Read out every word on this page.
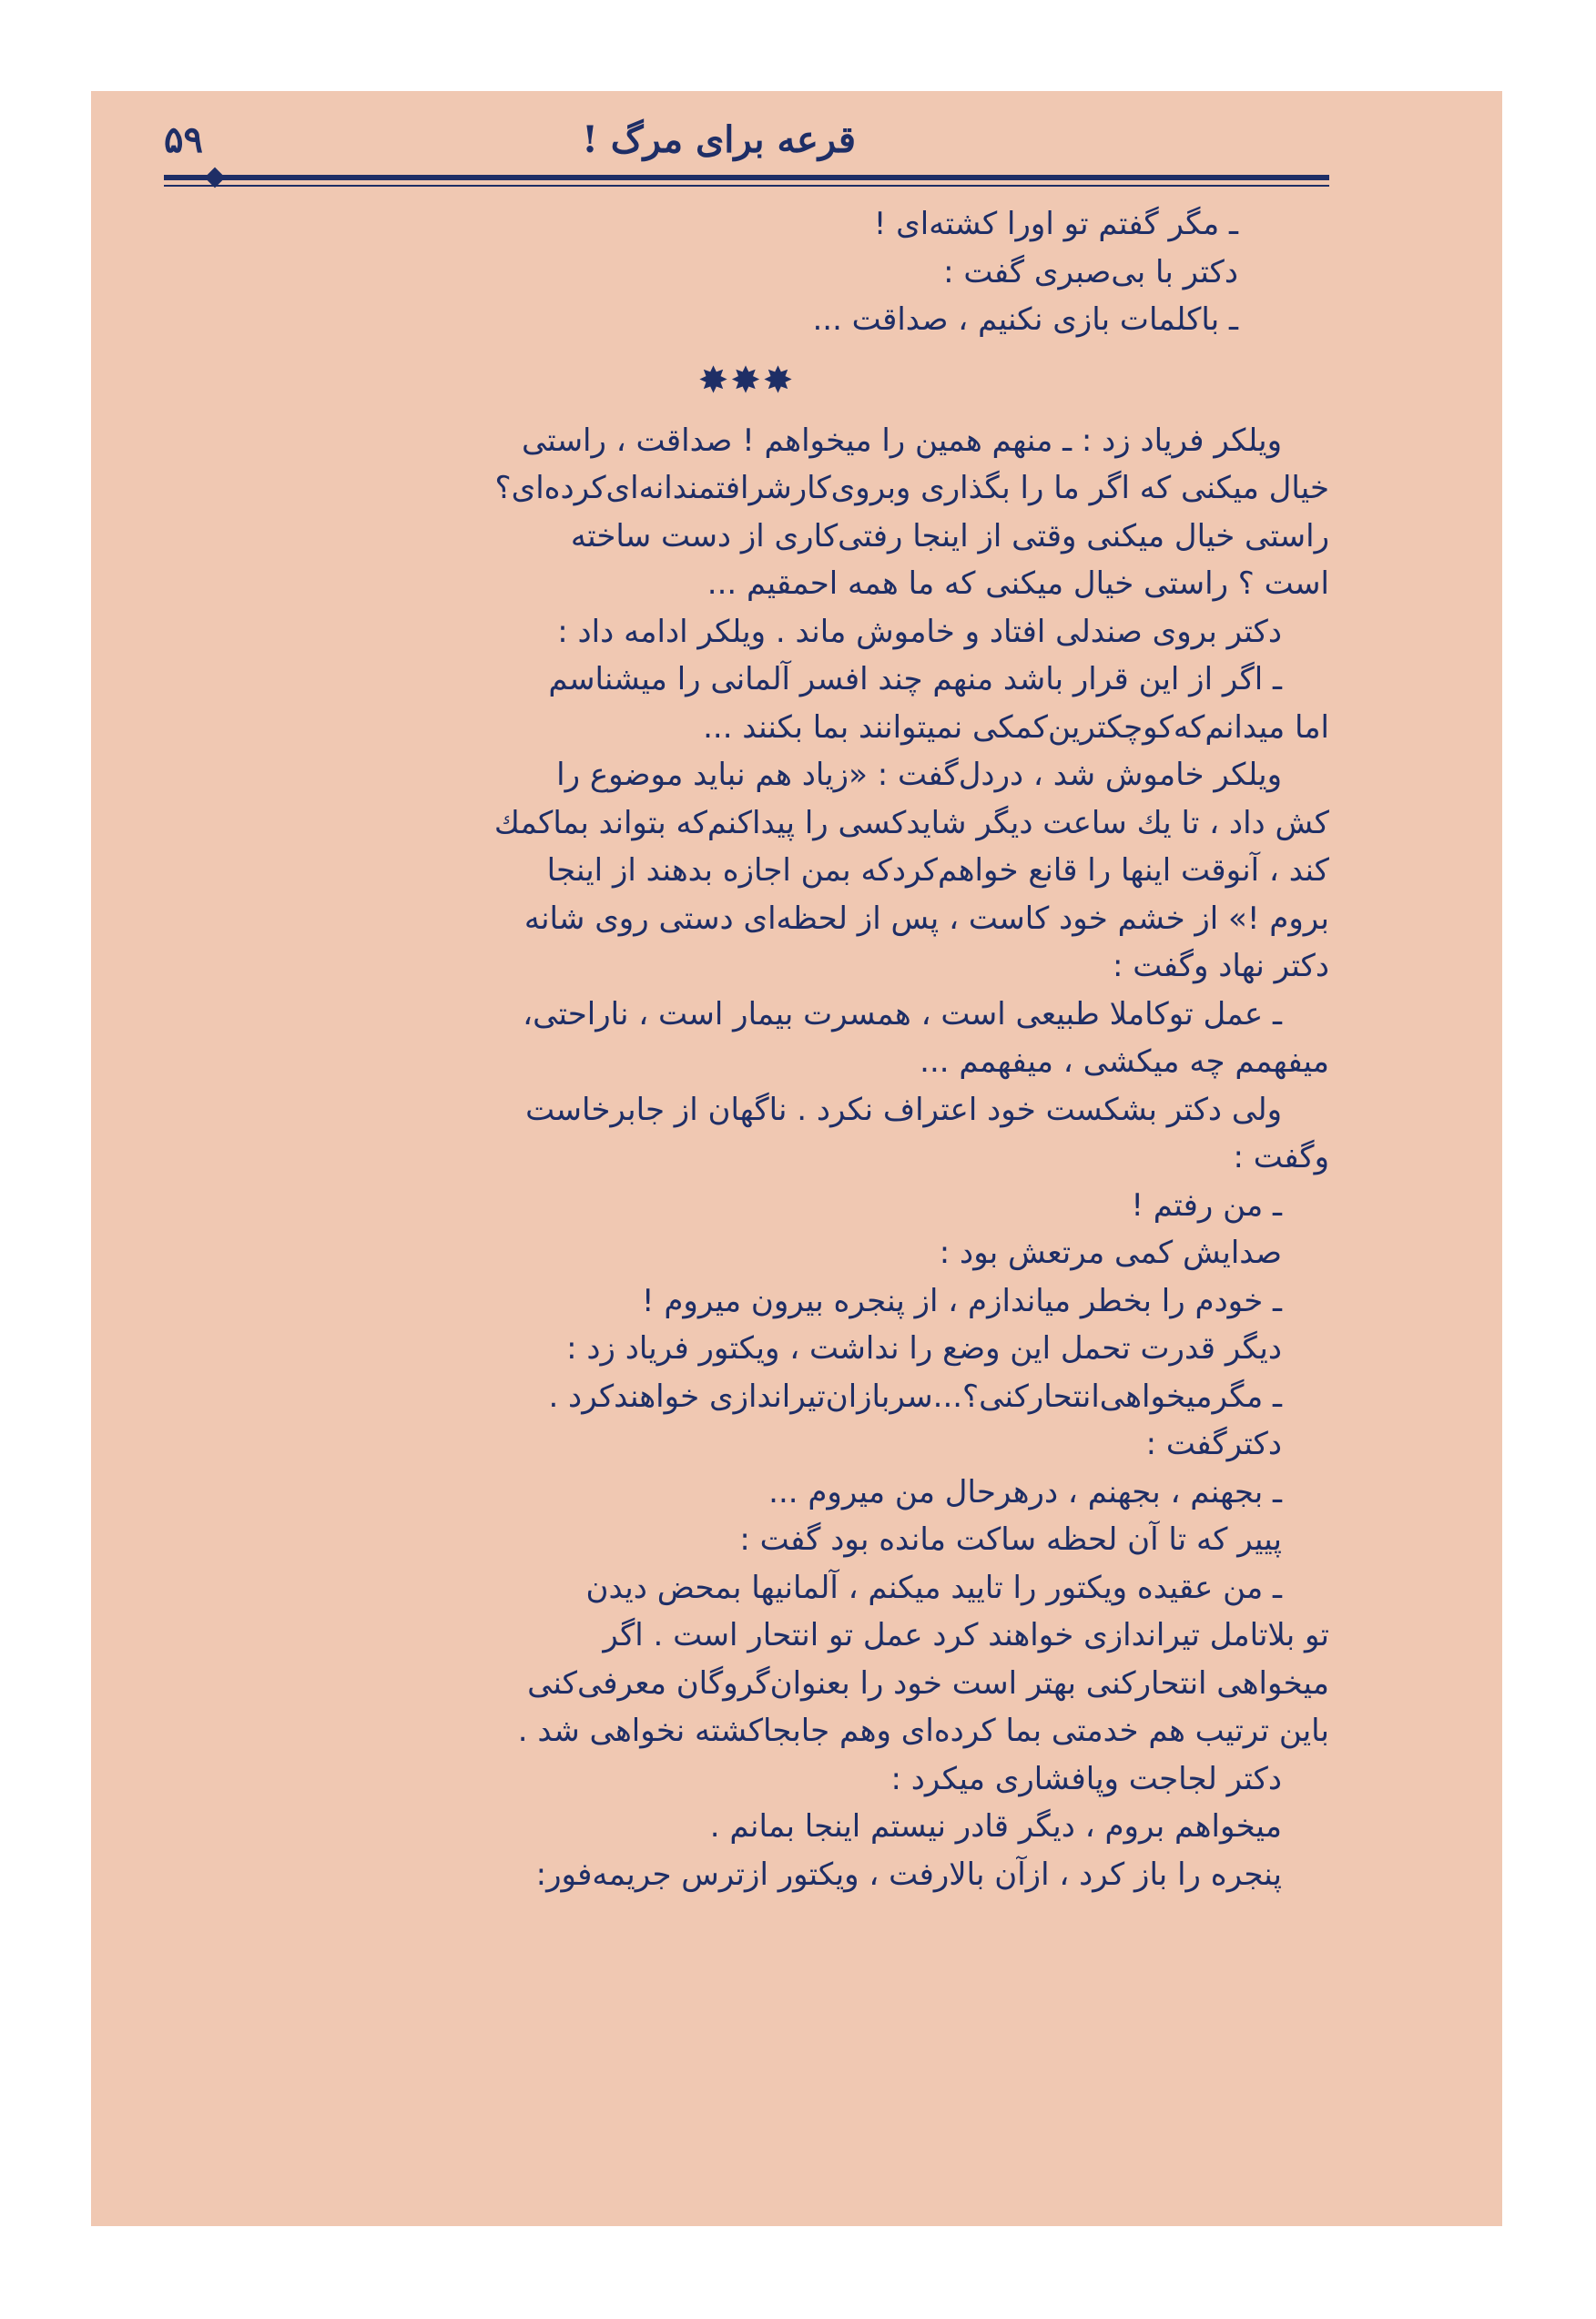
قرعه برای مرگ !
۵۹
ـ مگر گفتم تو اورا کشته‌ای !
دکتر با بی‌صبری گفت :
ـ باکلمات بازی نکنیم ، صداقت ...
✸✸✸
ویلکر فریاد زد : ـ منهم همین را میخواهم ! صداقت ، راستی
خیال میکنی که اگر ما را بگذاری وبروی‌کارشرافتمندانه‌ای‌کرده‌ای؟
راستی خیال میکنی وقتی از اینجا رفتی‌کاری از دست ساخته
است ؟ راستی خیال میکنی که ما همه احمقیم ...
دکتر بروی صندلی افتاد و خاموش ماند . ویلکر ادامه داد :
ـ اگر از این قرار باشد منهم چند افسر آلمانی را میشناسم
اما میدانم‌که‌کوچکترین‌کمکی نمیتوانند بما بکنند ...
ویلکر خاموش شد ، دردل‌گفت : «زیاد هم نباید موضوع را
کش داد ، تا یك ساعت دیگر شایدکسی را پیداکنم‌که بتواند بماکمك
کند ، آنوقت اینها را قانع خواهم‌کردکه بمن اجازه بدهند از اینجا
بروم !» از خشم خود کاست ، پس از لحظه‌ای دستی روی شانه
دکتر نهاد وگفت :
ـ عمل توکاملا طبیعی است ، همسرت بیمار است ، ناراحتی،
میفهمم چه میکشی ، میفهمم ...
ولی دکتر بشکست خود اعتراف نکرد . ناگهان از جابرخاست
وگفت :
ـ من رفتم !
صدایش کمی مرتعش بود :
ـ خودم را بخطر میاندازم ، از پنجره بیرون میروم !
دیگر قدرت تحمل این وضع را نداشت ، ویکتور فریاد زد :
ـ مگرمیخواهی‌انتحارکنی؟...سربازان‌تیراندازی خواهندکرد .
دکترگفت :
ـ بجهنم ، بجهنم ، درهرحال من میروم ...
پییر که تا آن لحظه ساکت مانده بود گفت :
ـ من عقیده ویکتور را تایید میکنم ، آلمانیها بمحض دیدن
تو بلاتامل تیراندازی خواهند کرد عمل تو انتحار است . اگر
میخواهی انتحارکنی بهتر است خود را بعنوان‌گروگان معرفی‌کنی
باین ترتیب هم خدمتی بما کرده‌ای وهم جابجاکشته نخواهی شد .
دکتر لجاجت وپافشاری میکرد :
میخواهم بروم ، دیگر قادر نیستم اینجا بمانم .
پنجره را باز کرد ، ازآن بالارفت ، ویکتور ازترس جریمه‌فور:
